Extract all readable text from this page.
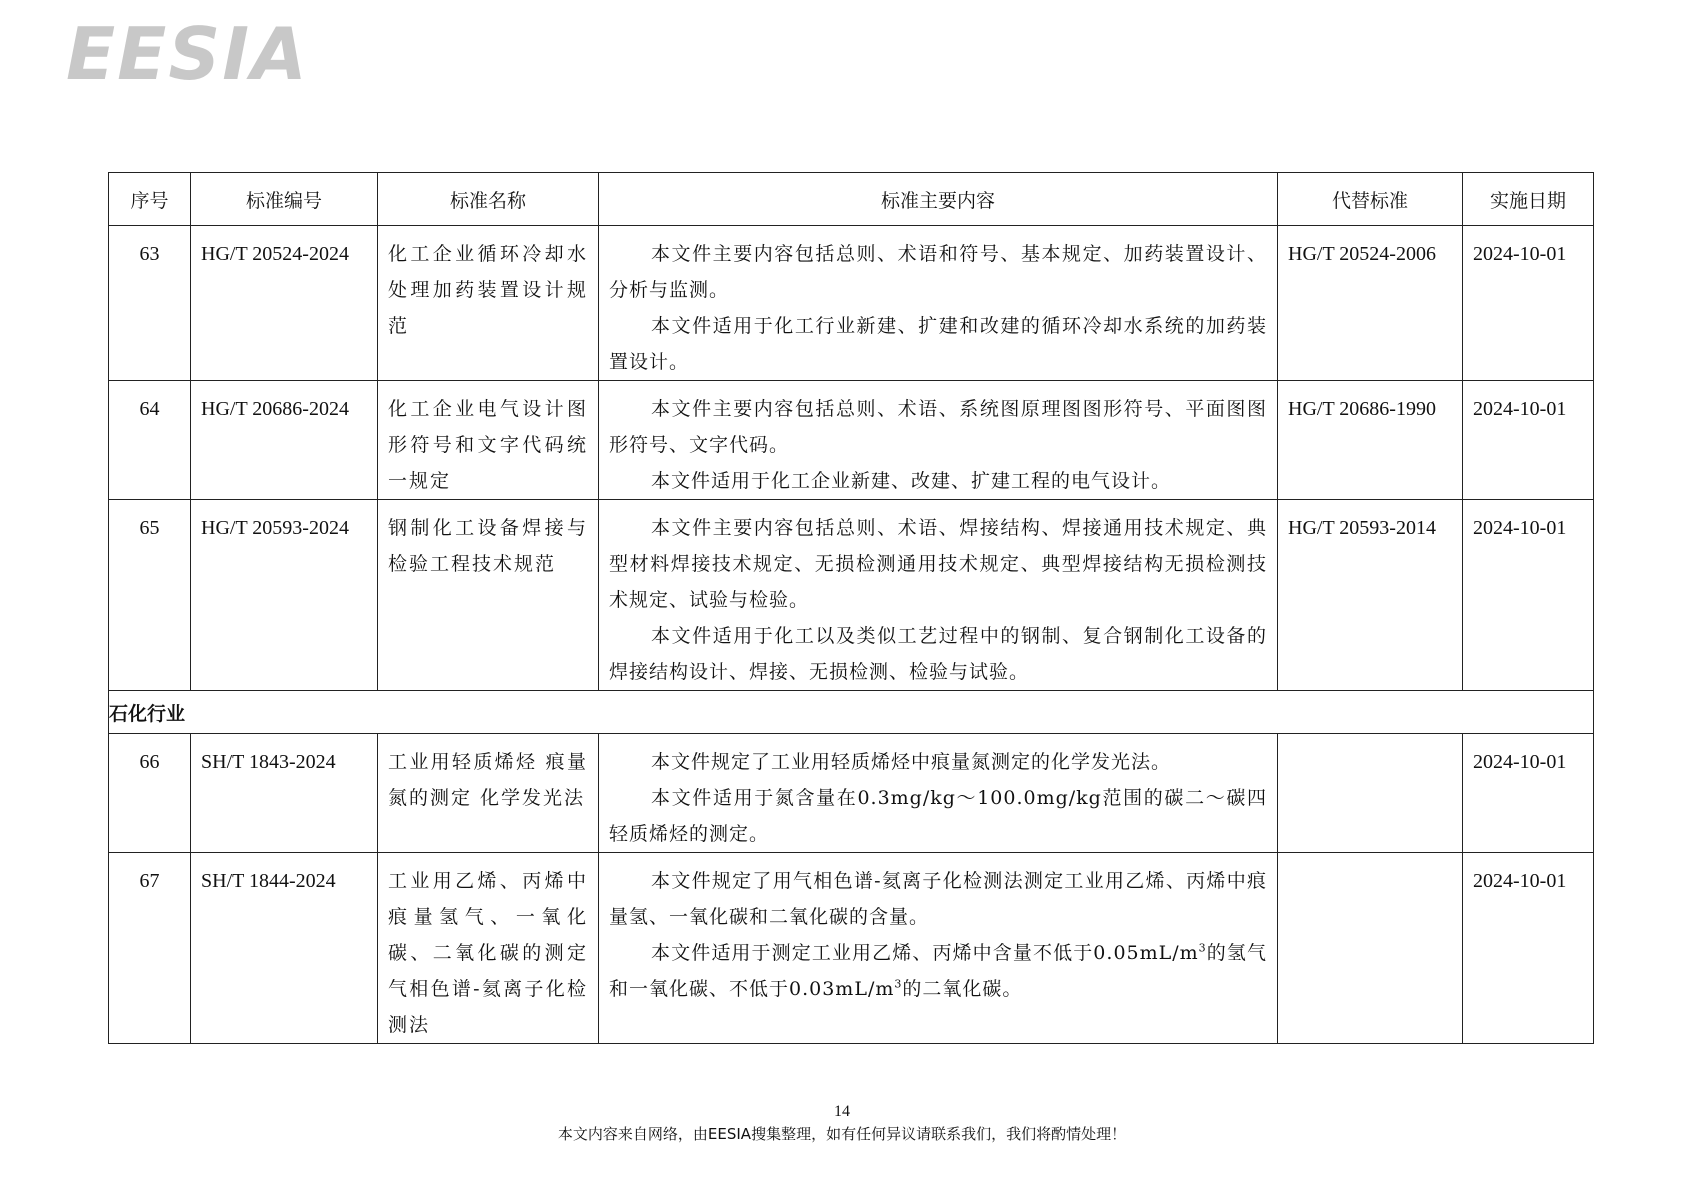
EESIA
序号	标准编号	标准名称	标准主要内容	代替标准	实施日期

63	HG/T 20524-2024	化工企业循环冷却水处理加药装置设计规范	本文件主要内容包括总则、术语和符号、基本规定、加药装置设计、分析与监测。

本文件适用于化工行业新建、扩建和改建的循环冷却水系统的加药装置设计。	HG/T 20524-2006	2024-10-01

64	HG/T 20686-2024	化工企业电气设计图形符号和文字代码统一规定	本文件主要内容包括总则、术语、系统图原理图图形符号、平面图图形符号、文字代码。

本文件适用于化工企业新建、改建、扩建工程的电气设计。	HG/T 20686-1990	2024-10-01

65	HG/T 20593-2024	钢制化工设备焊接与检验工程技术规范	本文件主要内容包括总则、术语、焊接结构、焊接通用技术规定、典型材料焊接技术规定、无损检测通用技术规定、典型焊接结构无损检测技术规定、试验与检验。

本文件适用于化工以及类似工艺过程中的钢制、复合钢制化工设备的焊接结构设计、焊接、无损检测、检验与试验。	HG/T 20593-2014	2024-10-01

石化行业					

66	SH/T 1843-2024	工业用轻质烯烃 痕量氮的测定 化学发光法	本文件规定了工业用轻质烯烃中痕量氮测定的化学发光法。

本文件适用于氮含量在0.3mg/kg～100.0mg/kg范围的碳二～碳四轻质烯烃的测定。		2024-10-01

67	SH/T 1844-2024	工业用乙烯、丙烯中痕量氢气、一氧化碳、二氧化碳的测定 气相色谱-氦离子化检测法	本文件规定了用气相色谱-氦离子化检测法测定工业用乙烯、丙烯中痕量氢、一氧化碳和二氧化碳的含量。

本文件适用于测定工业用乙烯、丙烯中含量不低于$0.05mL/m^3$的氢气和一氧化碳、不低于$0.03mL/m^3$的二氧化碳。		2024-10-01
14
本文内容来自网络，由EESIA搜集整理，如有任何异议请联系我们，我们将酌情处理！
